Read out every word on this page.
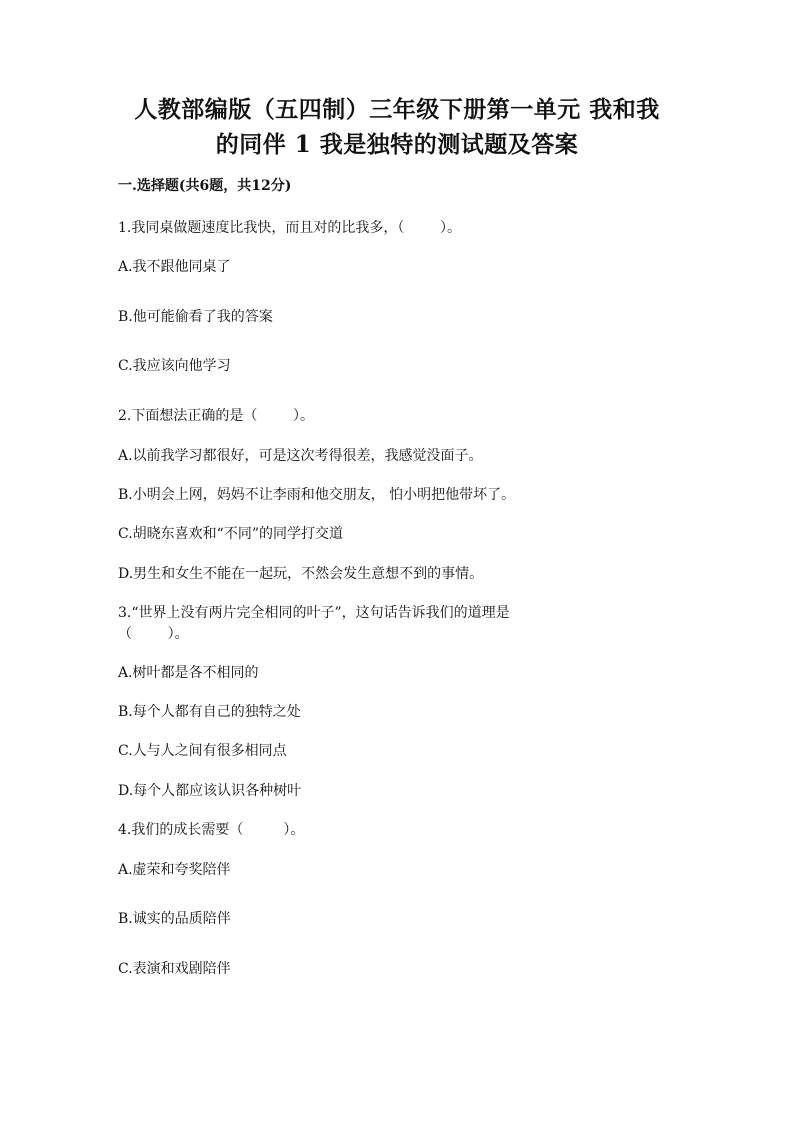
人教部编版（五四制）三年级下册第一单元 我和我
的同伴 1 我是独特的测试题及答案
一.选择题(共6题，共12分)
1.我同桌做题速度比我快，而且对的比我多，（        ）。
A.我不跟他同桌了
B.他可能偷看了我的答案
C.我应该向他学习
2.下面想法正确的是（        ）。
A.以前我学习都很好，可是这次考得很差，我感觉没面子。
B.小明会上网，妈妈不让李雨和他交朋友， 怕小明把他带坏了。
C.胡晓东喜欢和“不同”的同学打交道
D.男生和女生不能在一起玩，不然会发生意想不到的事情。
3.“世界上没有两片完全相同的叶子”，这句话告诉我们的道理是
（        ）。
A.树叶都是各不相同的
B.每个人都有自己的独特之处
C.人与人之间有很多相同点
D.每个人都应该认识各种树叶
4.我们的成长需要（         ）。
A.虚荣和夸奖陪伴
B.诚实的品质陪伴
C.表演和戏剧陪伴
